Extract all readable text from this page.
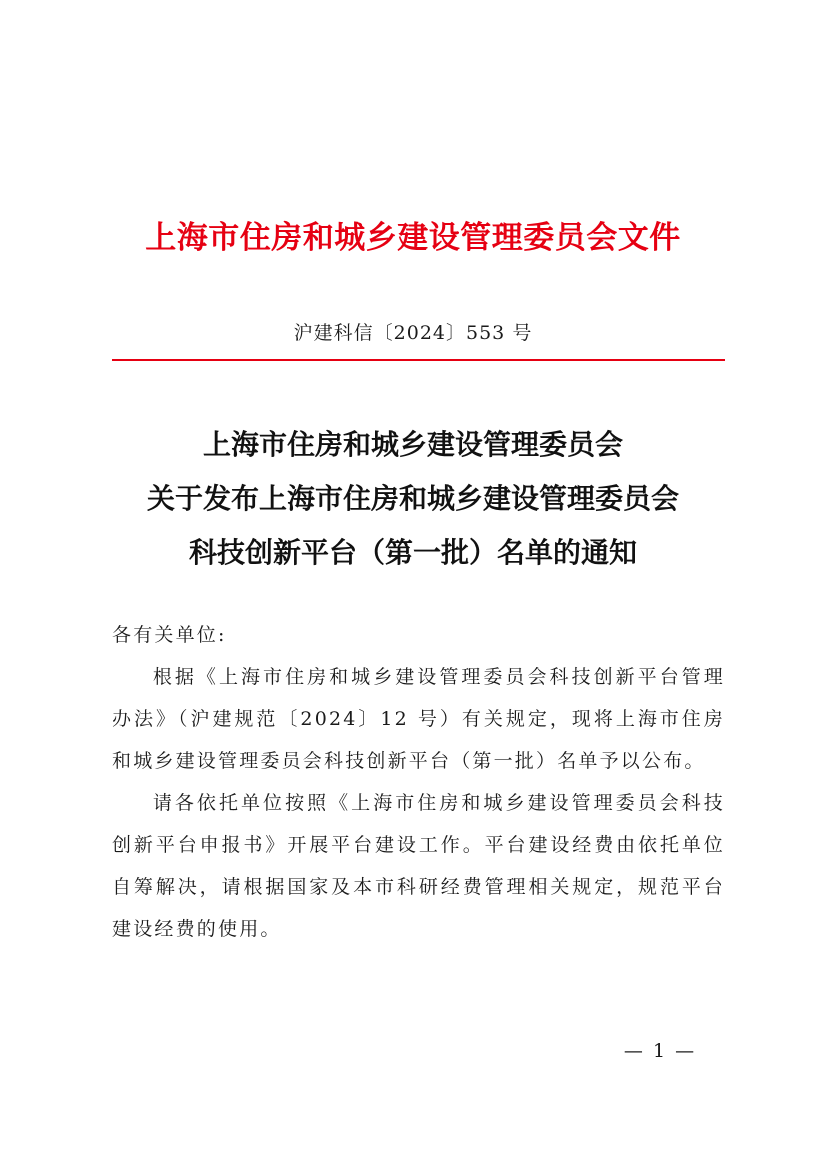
上海市住房和城乡建设管理委员会文件
沪建科信〔2024〕553 号
上海市住房和城乡建设管理委员会
关于发布上海市住房和城乡建设管理委员会
科技创新平台（第一批）名单的通知

各有关单位:

根据《上海市住房和城乡建设管理委员会科技创新平台管理办法》（沪建规范〔2024〕12 号）有关规定，现将上海市住房和城乡建设管理委员会科技创新平台（第一批）名单予以公布。

请各依托单位按照《上海市住房和城乡建设管理委员会科技创新平台申报书》开展平台建设工作。平台建设经费由依托单位自筹解决，请根据国家及本市科研经费管理相关规定，规范平台建设经费的使用。

— 1 —
